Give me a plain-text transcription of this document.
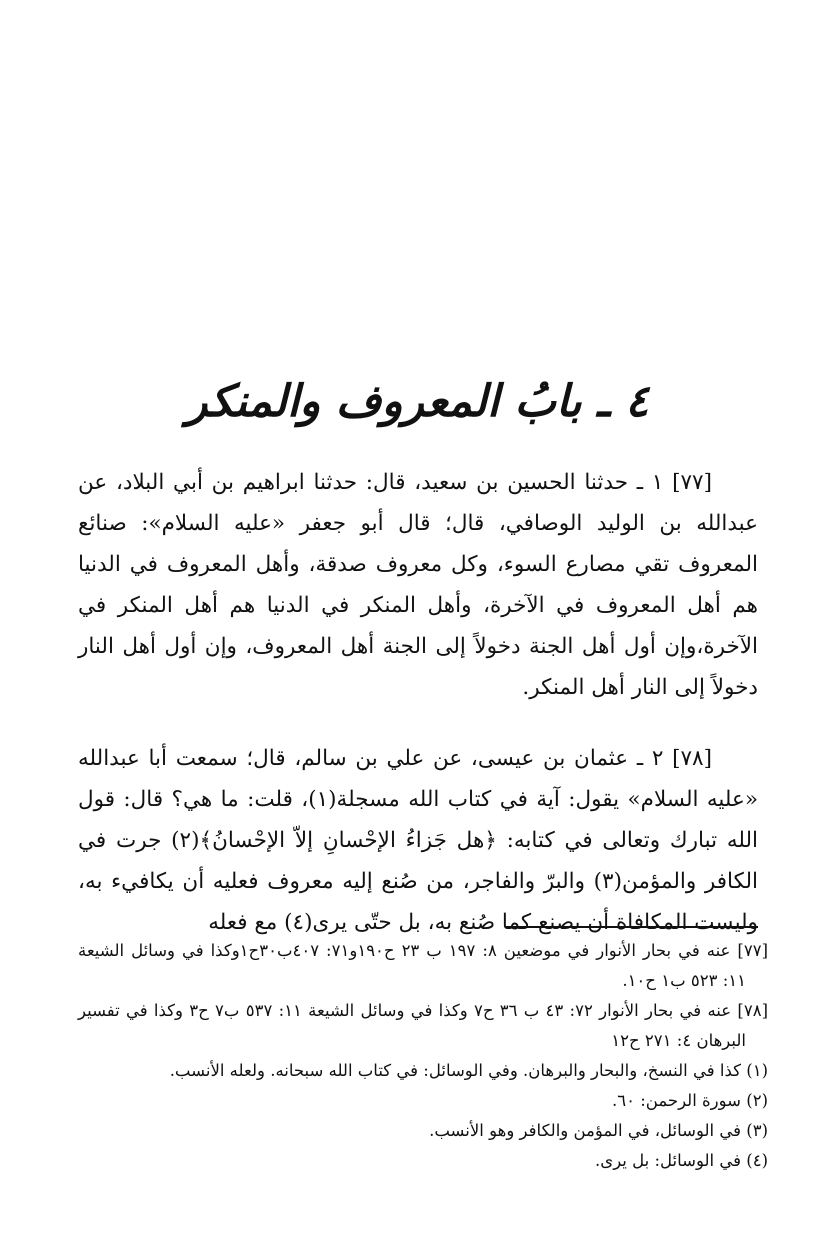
٤ ـ بابُ المعروف والمنكر

[٧٧] ١ ـ حدثنا الحسين بن سعيد، قال: حدثنا ابراهيم بن أبي البلاد، عن عبدالله بن الوليد الوصافي، قال؛ قال أبو جعفر «عليه السلام»: صنائع المعروف تقي مصارع السوء، وكل معروف صدقة، وأهل المعروف في الدنيا هم أهل المعروف في الآخرة، وأهل المنكر في الدنيا هم أهل المنكر في الآخرة،وإن أول أهل الجنة دخولاً إلى الجنة أهل المعروف، وإن أول أهل النار دخولاً إلى النار أهل المنكر.

[٧٨] ٢ ـ عثمان بن عيسى، عن علي بن سالم، قال؛ سمعت أبا عبدالله «عليه السلام» يقول: آية في كتاب الله مسجلة(١)، قلت: ما هي؟ قال: قول الله تبارك وتعالى في كتابه: ﴿هل جَزاءُ الإحْسانِ إلاّ الإحْسانُ﴾(٢) جرت في الكافر والمؤمن(٣) والبرّ والفاجر، من صُنع إليه معروف فعليه أن يكافيء به، وليست المكافاة أن يصنع كما صُنع به، بل حتّى يرى(٤) مع فعله

[٧٧] عنه في بحار الأنوار في موضعين ٨: ١٩٧ ب ٢٣ ح١٩٠و٧١: ٤٠٧ب٣٠ح١وكذا في وسائل الشيعة ١١: ٥٢٣ ب١ ح١٠.

[٧٨] عنه في بحار الأنوار ٧٢: ٤٣ ب ٣٦ ح٧ وكذا في وسائل الشيعة ١١: ٥٣٧ ب٧ ح٣ وكذا في تفسير البرهان ٤: ٢٧١ ح١٢

(١) كذا في النسخ، والبحار والبرهان. وفي الوسائل: في كتاب الله سبحانه. ولعله الأنسب.

(٢) سورة الرحمن: ٦٠.

(٣) في الوسائل، في المؤمن والكافر وهو الأنسب.

(٤) في الوسائل: بل يرى.
